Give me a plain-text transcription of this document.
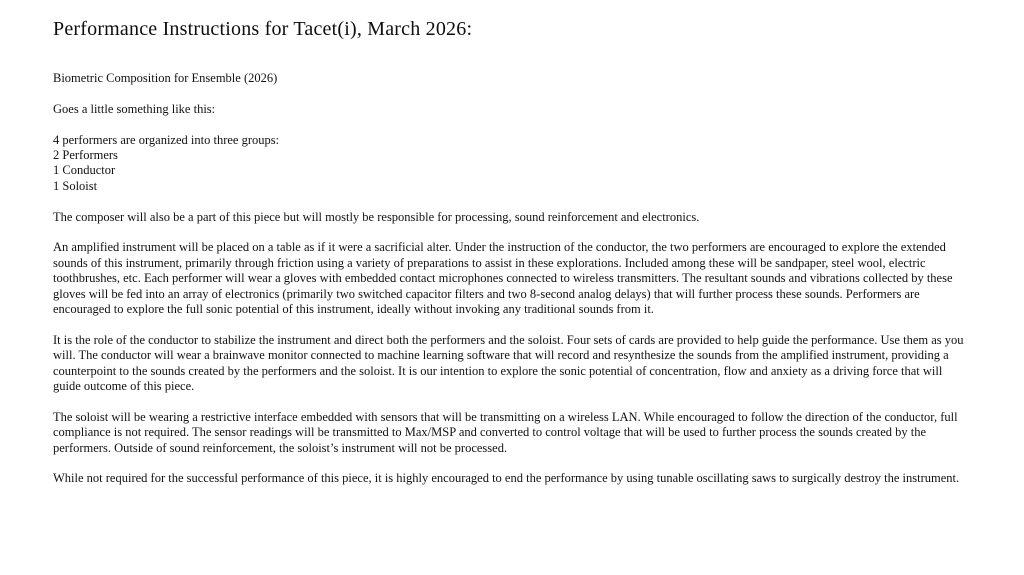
Performance Instructions for Tacet(i), March 2026:
Biometric Composition for Ensemble (2026)
Goes a little something like this:
4 performers are organized into three groups:
2 Performers
1 Conductor
1 Soloist

The composer will also be a part of this piece but will mostly be responsible for processing, sound reinforcement and electronics.

An amplified instrument will be placed on a table as if it were a sacrificial alter. Under the instruction of the conductor, the two performers are encouraged to explore the extended sounds of this instrument, primarily through friction using a variety of preparations to assist in these explorations. Included among these will be sandpaper, steel wool, electric toothbrushes, etc. Each performer will wear a gloves with embedded contact microphones connected to wireless transmitters. The resultant sounds and vibrations collected by these gloves will be fed into an array of electronics (primarily two switched capacitor filters and two 8-second analog delays) that will further process these sounds. Performers are encouraged to explore the full sonic potential of this instrument, ideally without invoking any traditional sounds from it.

It is the role of the conductor to stabilize the instrument and direct both the performers and the soloist. Four sets of cards are provided to help guide the performance. Use them as you will. The conductor will wear a brainwave monitor connected to machine learning software that will record and resynthesize the sounds from the amplified instrument, providing a counterpoint to the sounds created by the performers and the soloist. It is our intention to explore the sonic potential of concentration, flow and anxiety as a driving force that will guide outcome of this piece.

The soloist will be wearing a restrictive interface embedded with sensors that will be transmitting on a wireless LAN. While encouraged to follow the direction of the conductor, full compliance is not required. The sensor readings will be transmitted to Max/MSP and converted to control voltage that will be used to further process the sounds created by the performers. Outside of sound reinforcement, the soloist’s instrument will not be processed.

While not required for the successful performance of this piece, it is highly encouraged to end the performance by using tunable oscillating saws to surgically destroy the instrument.
